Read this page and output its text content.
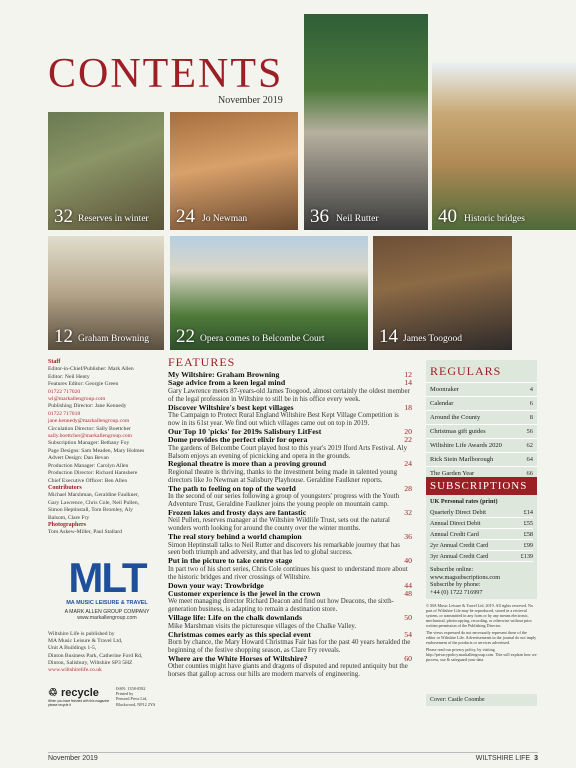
CONTENTS
November 2019
32 Reserves in winter 24 Jo Newman	36 Neil Rutter	40 Historic bridges
12 Graham Browning 22 Opera comes to Belcombe Court	14 James Toogood
Staff
Editor-in-Chief/Publisher: Mark Allen
Editor: Neil Henty
Features Editor: Georgie Green
01722 717020
wl@markallengroup.com
Publishing Director: Jane Kennedy
01722 717018
jane.kennedy@markallengroup.com
Circulation Director: Sally Boettcher
sally.boettcher@markallengroup.com
Subscription Manager: Bethany Foy
Page Designs: Sam Meaden, Mary Holmes
Advert Design: Dan Bevan
Production Manager: Carolyn Allen
Production Director: Richard Hamshere
Chief Executive Officer: Ben Allen
Contributors
Michael Marshman, Geraldine Faulkner,
Gary Lawrence, Chris Cole, Neil Pullen,
Simon Heptinstall, Tom Bromley, Aly
Balsom, Clare Fry
Photographers
Tom Askew-Miller, Paul Stallard
MLT
MA MUSIC LEISURE & TRAVEL
A MARK ALLEN GROUP COMPANY
www.markallengroup.com
Wiltshire Life is published by
MA Music Leisure & Travel Ltd,
Unit A Buildings 1-5,
Dinton Business Park, Catherine Ford Rd,
Dinton, Salisbury, Wiltshire SP3 5HZ
www.wiltshirelife.co.uk
♲ recycle
When you have finished with this magazine please recycle it
ISSN: 1358-0582
Printed by
Pensord Press Ltd,
Blackwood, NP12 2YA
FEATURES
My Wiltshire: Graham Browning	12
Sage advice from a keen legal mind	14
Gary Lawrence meets 87-years-old James Toogood, almost certainly the oldest member of the legal profession in Wiltshire to still be in his office every week.
Discover Wiltshire's best kept villages	18
The Campaign to Protect Rural England Wiltshire Best Kept Village Competition is now in its 61st year. We find out which villages came out on top in 2019.
Our Top 10 'picks' for 2019s Salisbury LitFest	20
Dome provides the perfect elixir for opera	22
The gardens of Belcombe Court played host to this year's 2019 Iford Arts Festival. Aly Balsom enjoys an evening of picnicking and opera in the grounds.
Regional theatre is more than a proving ground	24
Regional theatre is thriving, thanks to the investment being made in talented young directors like Jo Newman at Salisbury Playhouse. Geraldine Faulkner reports.
The path to feeling on top of the world	28
In the second of our series following a group of youngsters' progress with the Youth Adventure Trust, Geraldine Faulkner joins the young people on mountain camp.
Frozen lakes and frosty days are fantastic	32
Neil Pullen, reserves manager at the Wiltshire Wildlife Trust, sets out the natural wonders worth looking for around the county over the winter months.
The real story behind a world champion	36
Simon Heptinstall talks to Neil Rutter and discovers his remarkable journey that has seen both triumph and adversity, and that has led to global success.
Put in the picture to take centre stage	40
In part two of his short series, Chris Cole continues his quest to understand more about the historic bridges and river crossings of Wiltshire.
Down your way: Trowbridge	44
Customer experience is the jewel in the crown	48
We meet managing director Richard Deacon and find out how Deacons, the sixth-generation business, is adapting to remain a destination store.
Village life: Life on the chalk downlands	50
Mike Marshman visits the picturesque villages of the Chalke Valley.
Christmas comes early as this special event	54
Born by chance, the Mary Howard Christmas Fair has for the past 40 years heralded the beginning of the festive shopping season, as Clare Fry reveals.
Where are the White Horses of Wiltshire?	60
Other counties might have giants and dragons of disputed and reputed antiquity but the horses that gallop across our hills are modern marvels of engineering.
REGULARS
Moonraker	4
Calendar	6
Around the County	8
Christmas gift guides	56
Wiltshire Life Awards 2020	62
Rick Stein Marlborough	64
The Garden Year	66
SUBSCRIPTIONS
UK Personal rates (print)
Quarterly Direct Debit	£14
Annual Direct Debit	£55
Annual Credit Card	£58
2yr Annual Credit Card	£99
3yr Annual Credit Card	£139
Subscribe online:
www.magsubscriptions.com
Subscribe by phone:
+44 (0) 1722 716997

© MA Music Leisure & Travel Ltd, 2019. All rights reserved. No part of Wiltshire Life may be reproduced, stored in a retrieval system, or transmitted in any form or by any means electronic, mechanical, photocopying, recording, or otherwise without prior written permission of the Publishing Director.

The views expressed do not necessarily represent those of the editor or Wiltshire Life. Advertisements in the journal do not imply endorsement of the products or services advertised.

Please read our privacy policy, by visiting http://privacypolicy.markallengroup.com. This will explain how we process, use & safeguard your data

Cover: Castle Coombe
November 2019	WILTSHIRE LIFE 3
